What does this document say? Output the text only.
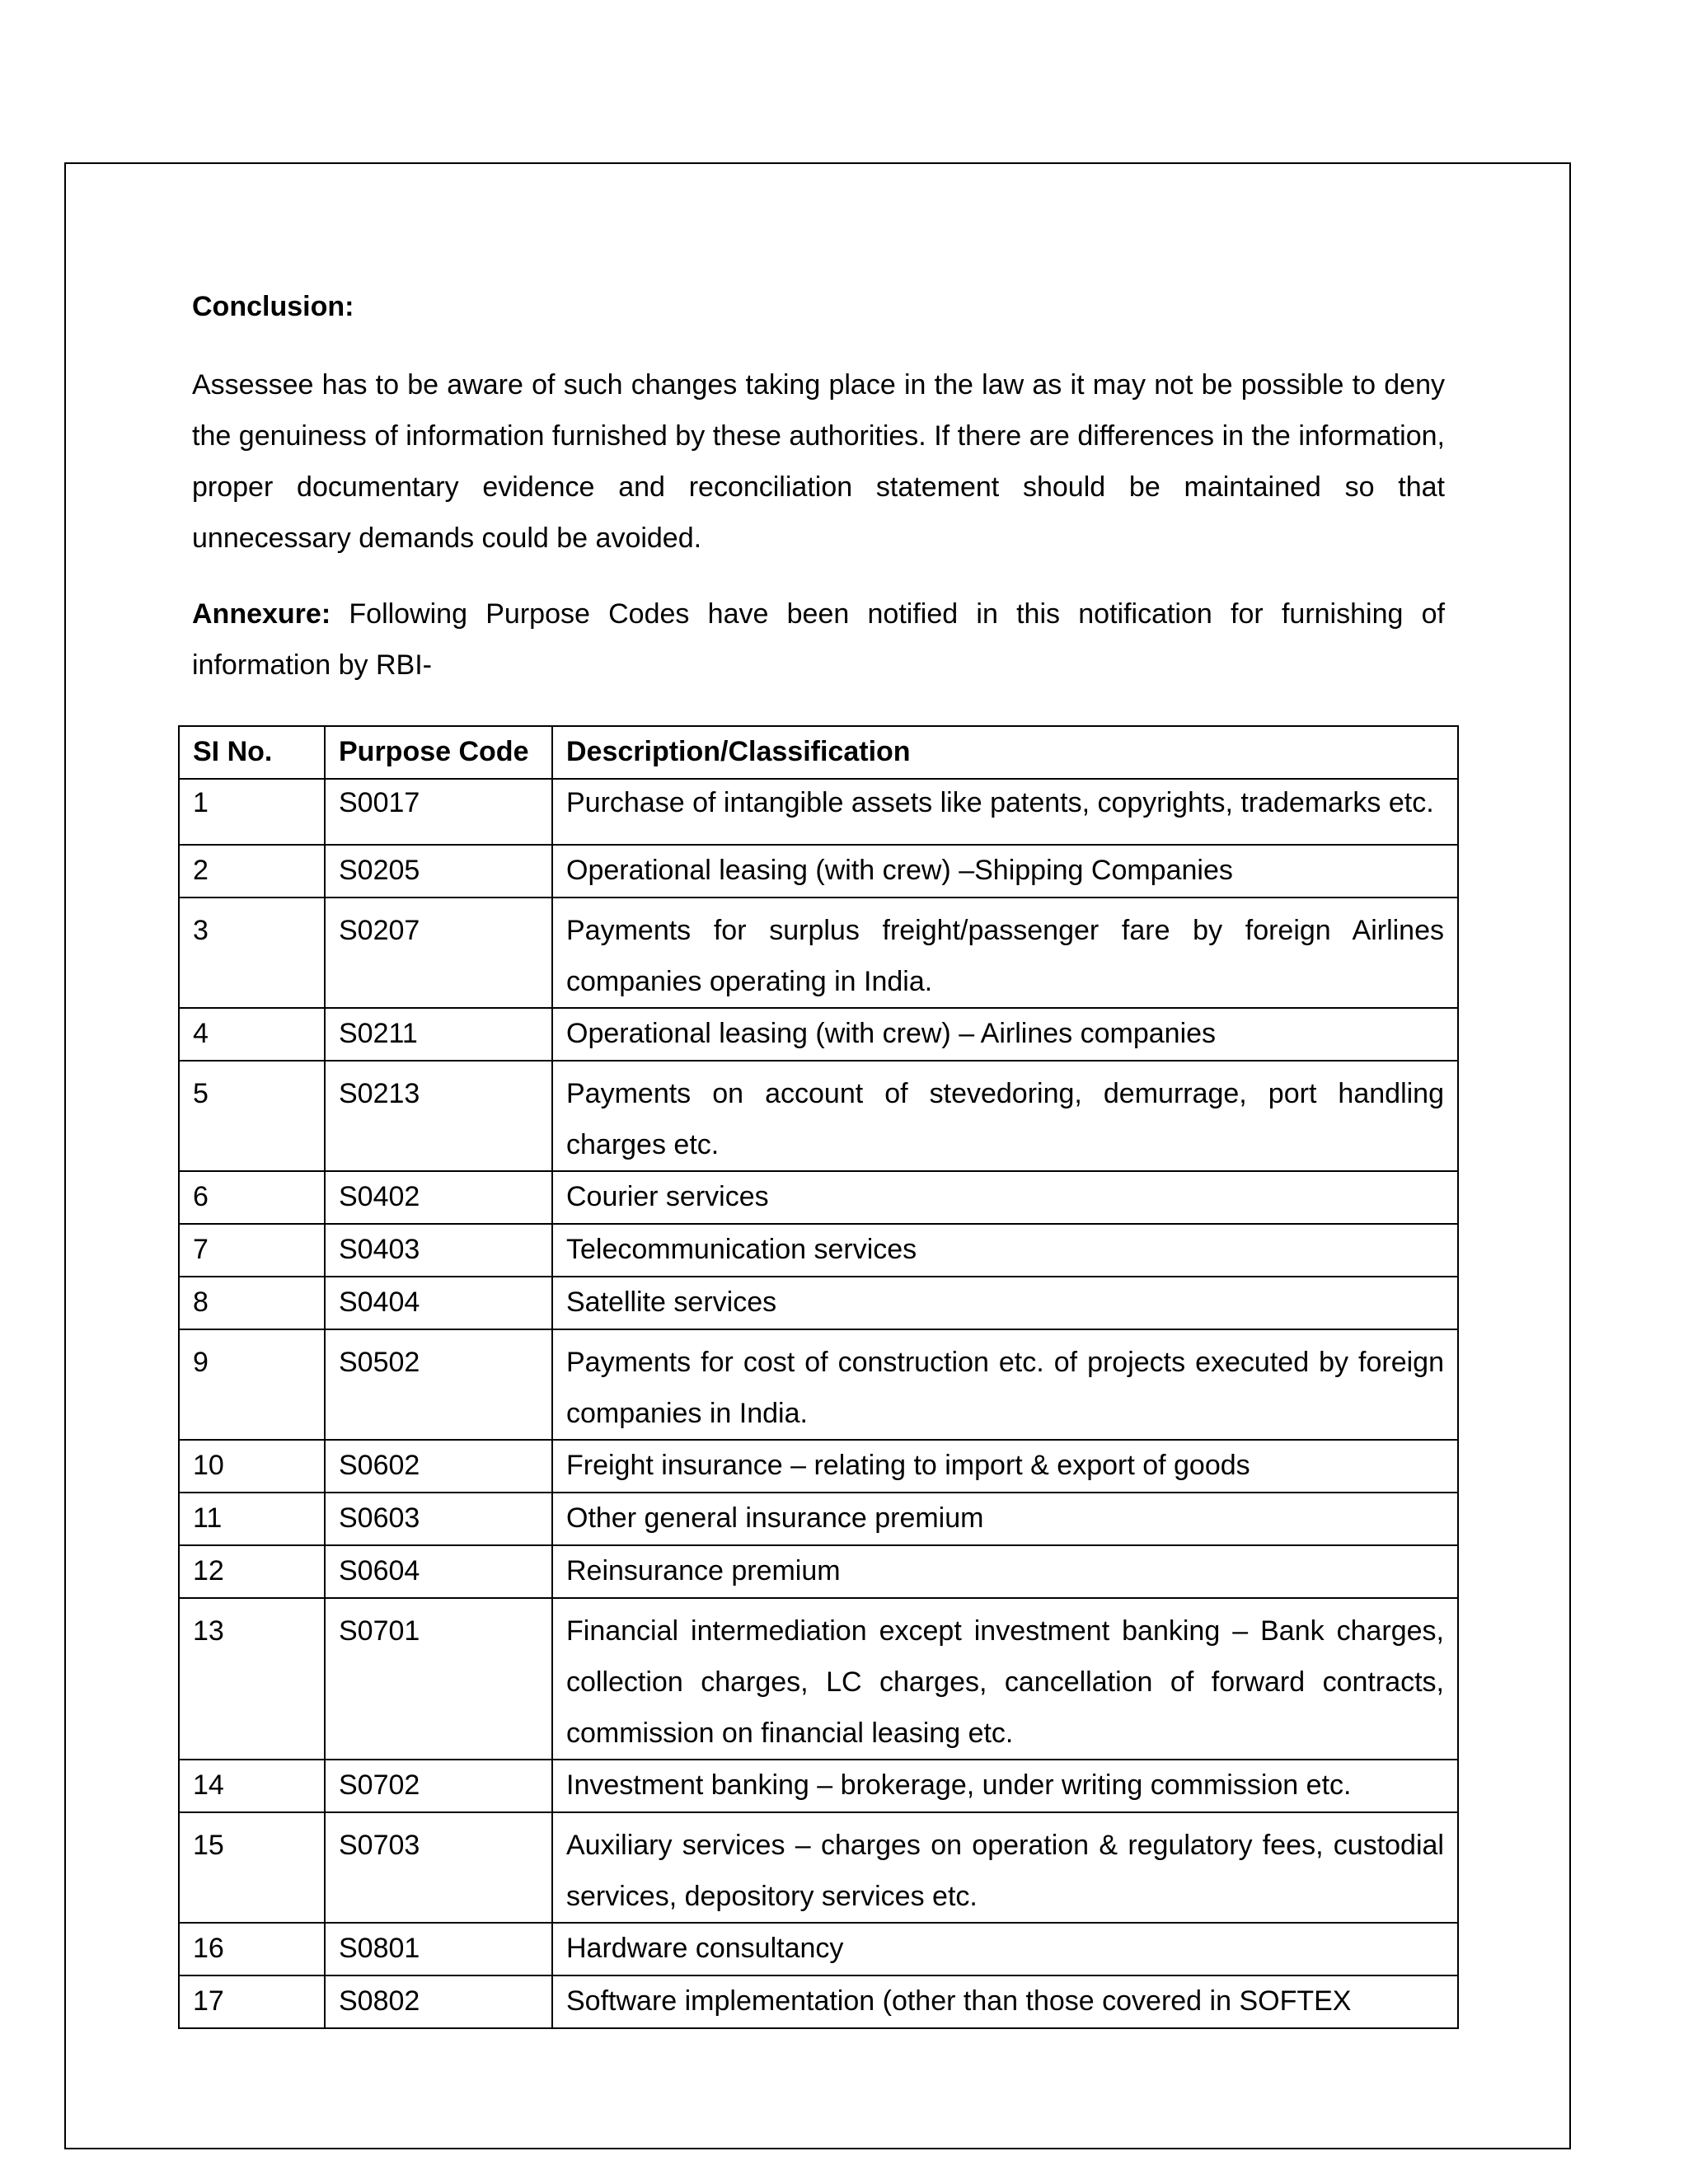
Conclusion:

Assessee has to be aware of such changes taking place in the law as it may not be possible to deny the genuiness of information furnished by these authorities. If there are differences in the information, proper documentary evidence and reconciliation statement should be maintained so that unnecessary demands could be avoided.

Annexure: Following Purpose Codes have been notified in this notification for furnishing of information by RBI-

SI No.	Purpose Code	Description/Classification
1	S0017	Purchase of intangible assets like patents, copyrights, trademarks etc.
2	S0205	Operational leasing (with crew) –Shipping Companies
3	S0207	Payments for surplus freight/passenger fare by foreign Airlines companies operating in India.
4	S0211	Operational leasing (with crew) – Airlines companies
5	S0213	Payments on account of stevedoring, demurrage, port handling charges etc.
6	S0402	Courier services
7	S0403	Telecommunication services
8	S0404	Satellite services
9	S0502	Payments for cost of construction etc. of projects executed by foreign companies in India.
10	S0602	Freight insurance – relating to import & export of goods
11	S0603	Other general insurance premium
12	S0604	Reinsurance premium
13	S0701	Financial intermediation except investment banking – Bank charges, collection charges, LC charges, cancellation of forward contracts, commission on financial leasing etc.
14	S0702	Investment banking – brokerage, under writing commission etc.
15	S0703	Auxiliary services – charges on operation & regulatory fees, custodial services, depository services etc.
16	S0801	Hardware consultancy
17	S0802	Software implementation (other than those covered in SOFTEX
